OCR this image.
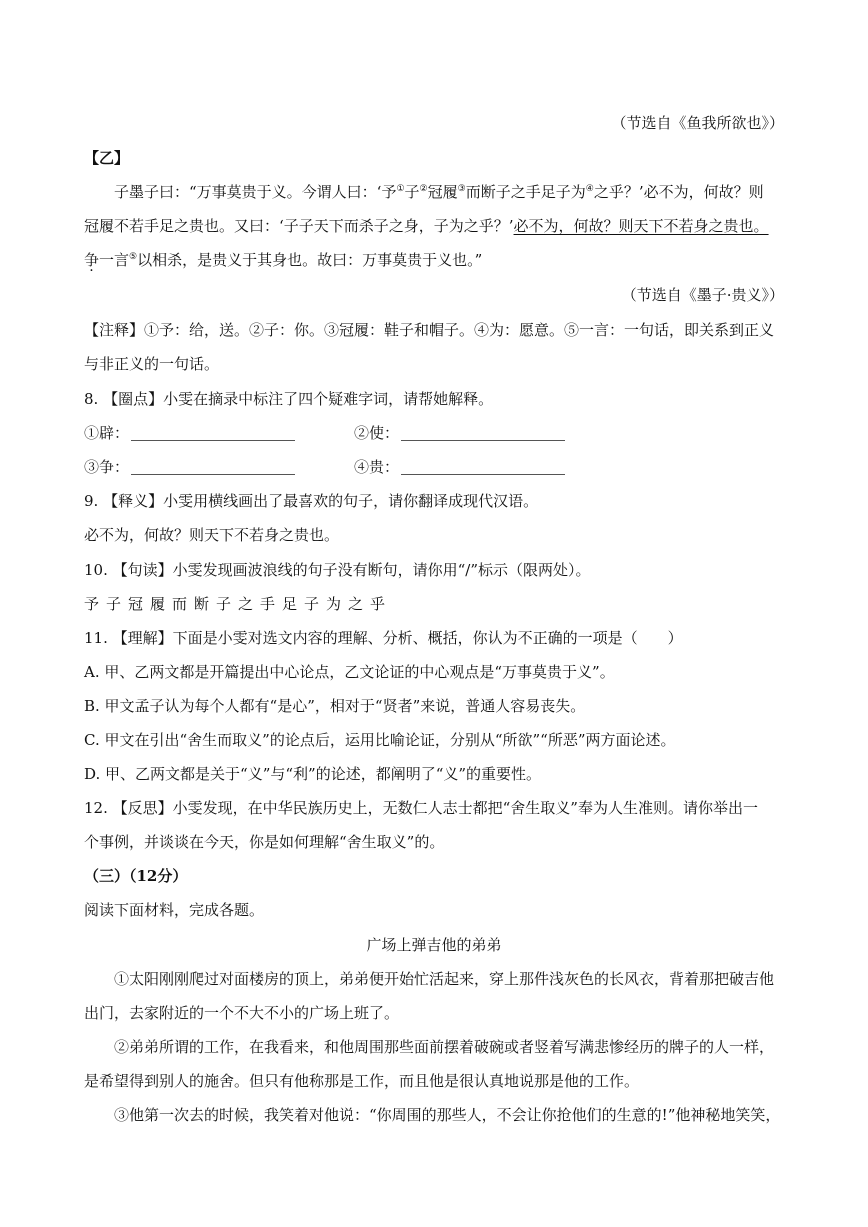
（节选自《鱼我所欲也》）
【乙】
子墨子曰：“万事莫贵于义。今谓人曰：‘予①子②冠履③而断子之手足子为④之乎？’必不为，何故？则
冠履不若手足之贵也。又曰：‘子子天下而杀子之身，子为之乎？’必不为，何故？则天下不若身之贵也。
争一言⑤以相杀，是贵义于其身也。故曰：万事莫贵于义也。”
（节选自《墨子·贵义》）
【注释】①予：给，送。②子：你。③冠履：鞋子和帽子。④为：愿意。⑤一言：一句话，即关系到正义
与非正义的一句话。
8. 【圈点】小雯在摘录中标注了四个疑难字词，请帮她解释。
①辟：	②使：
③争：	④贵：
9. 【释义】小雯用横线画出了最喜欢的句子，请你翻译成现代汉语。
必不为，何故？则天下不若身之贵也。
10. 【句读】小雯发现画波浪线的句子没有断句，请你用“/”标示（限两处）。
予子冠履而断子之手足子为之乎
11. 【理解】下面是小雯对选文内容的理解、分析、概括，你认为不正确的一项是（　　）
A. 甲、乙两文都是开篇提出中心论点，乙文论证的中心观点是“万事莫贵于义”。
B. 甲文孟子认为每个人都有“是心”，相对于“贤者”来说，普通人容易丧失。
C. 甲文在引出“舍生而取义”的论点后，运用比喻论证，分别从“所欲”“所恶”两方面论述。
D. 甲、乙两文都是关于“义”与“利”的论述，都阐明了“义”的重要性。
12. 【反思】小雯发现，在中华民族历史上，无数仁人志士都把“舍生取义”奉为人生准则。请你举出一
个事例，并谈谈在今天，你是如何理解“舍生取义”的。
（三）（12分）
阅读下面材料，完成各题。
广场上弹吉他的弟弟
①太阳刚刚爬过对面楼房的顶上，弟弟便开始忙活起来，穿上那件浅灰色的长风衣，背着那把破吉他
出门，去家附近的一个不大不小的广场上班了。
②弟弟所谓的工作，在我看来，和他周围那些面前摆着破碗或者竖着写满悲惨经历的牌子的人一样，
是希望得到别人的施舍。但只有他称那是工作，而且他是很认真地说那是他的工作。
③他第一次去的时候，我笑着对他说：“你周围的那些人，不会让你抢他们的生意的!”他神秘地笑笑，
